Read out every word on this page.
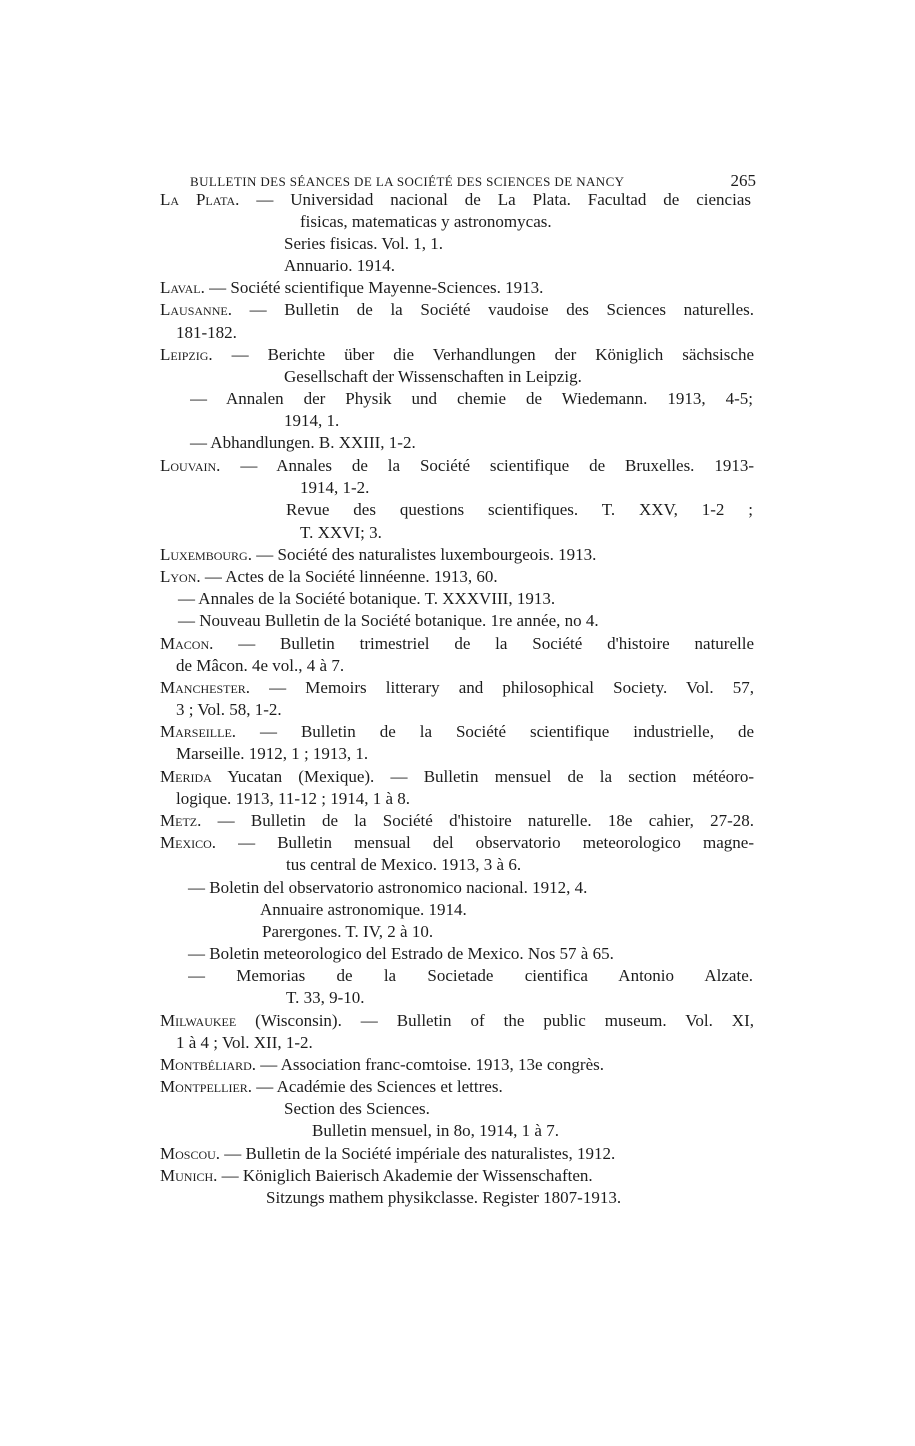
BULLETIN DES SÉANCES DE LA SOCIÉTÉ DES SCIENCES DE NANCY	265
La Plata. — Universidad nacional de La Plata. Facultad de ciencias
fisicas, matematicas y astronomycas.
Series fisicas. Vol. 1, 1.
Annuario. 1914.
Laval. — Société scientifique Mayenne-Sciences. 1913.
Lausanne. — Bulletin de la Société vaudoise des Sciences naturelles.
181-182.
Leipzig. — Berichte über die Verhandlungen der Königlich sächsische
Gesellschaft der Wissenschaften in Leipzig.
— Annalen der Physik und chemie de Wiedemann. 1913, 4-5;
1914, 1.
— Abhandlungen. B. XXIII, 1-2.
Louvain. — Annales de la Société scientifique de Bruxelles. 1913-
1914, 1-2.
Revue des questions scientifiques. T. XXV, 1-2 ;
T. XXVI; 3.
Luxembourg. — Société des naturalistes luxembourgeois. 1913.
Lyon. — Actes de la Société linnéenne. 1913, 60.
— Annales de la Société botanique. T. XXXVIII, 1913.
— Nouveau Bulletin de la Société botanique. 1re année, no 4.
Macon. — Bulletin trimestriel de la Société d'histoire naturelle
de Mâcon. 4e vol., 4 à 7.
Manchester. — Memoirs litterary and philosophical Society. Vol. 57,
3 ; Vol. 58, 1-2.
Marseille. — Bulletin de la Société scientifique industrielle, de
Marseille. 1912, 1 ; 1913, 1.
Merida Yucatan (Mexique). — Bulletin mensuel de la section météoro-
logique. 1913, 11-12 ; 1914, 1 à 8.
Metz. — Bulletin de la Société d'histoire naturelle. 18e cahier, 27-28.
Mexico. — Bulletin mensual del observatorio meteorologico magne-
tus central de Mexico. 1913, 3 à 6.
— Boletin del observatorio astronomico nacional. 1912, 4.
Annuaire astronomique. 1914.
Parergones. T. IV, 2 à 10.
— Boletin meteorologico del Estrado de Mexico. Nos 57 à 65.
— Memorias de la Societade cientifica Antonio Alzate.
T. 33, 9-10.
Milwaukee (Wisconsin). — Bulletin of the public museum. Vol. XI,
1 à 4 ; Vol. XII, 1-2.
Montbéliard. — Association franc-comtoise. 1913, 13e congrès.
Montpellier. — Académie des Sciences et lettres.
Section des Sciences.
Bulletin mensuel, in 8o, 1914, 1 à 7.
Moscou. — Bulletin de la Société impériale des naturalistes, 1912.
Munich. — Königlich Baierisch Akademie der Wissenschaften.
Sitzungs mathem physikclasse. Register 1807-1913.
